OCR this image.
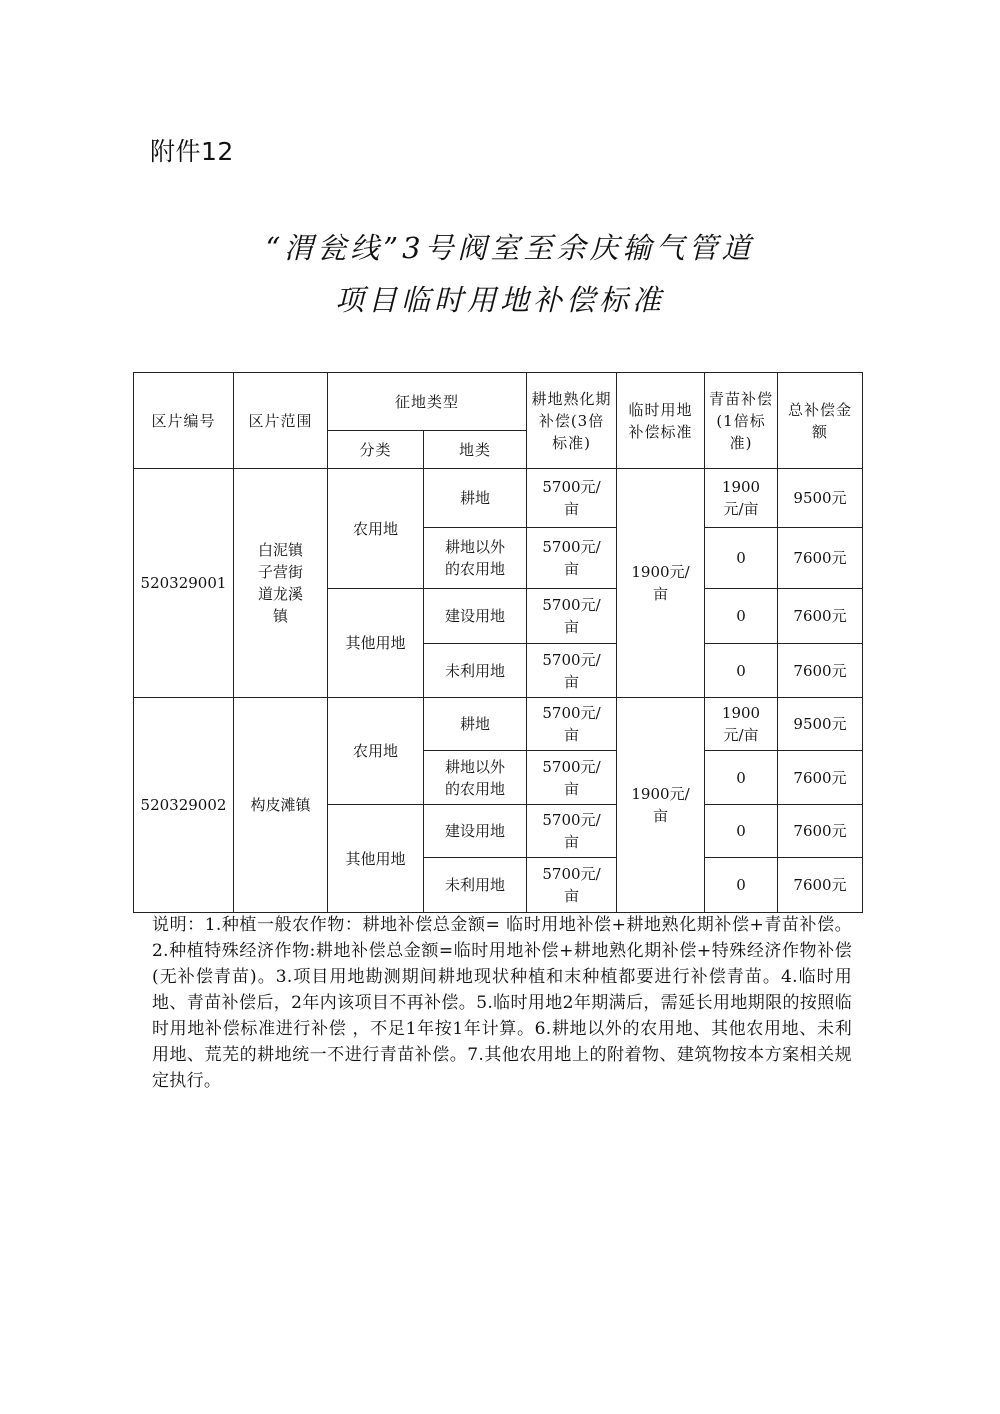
附件12
“渭瓮线”3号阀室至余庆输气管道
项目临时用地补偿标准
区片编号	区片范围	征地类型		耕地熟化期补偿(3倍标准)	临时用地补偿标准	青苗补偿(1倍标准)	总补偿金额
		分类	地类				
520329001	白泥镇子营街道龙溪镇	农用地	耕地	5700元/亩	1900元/亩	1900元/亩	9500元
			耕地以外的农用地	5700元/亩		0	7600元
		其他用地	建设用地	5700元/亩		0	7600元
			未利用地	5700元/亩		0	7600元
520329002	构皮滩镇	农用地	耕地	5700元/亩	1900元/亩	1900元/亩	9500元
			耕地以外的农用地	5700元/亩		0	7600元
		其他用地	建设用地	5700元/亩		0	7600元
			未利用地	5700元/亩		0	7600元
说明：1.种植一般农作物：耕地补偿总金额= 临时用地补偿+耕地熟化期补偿+青苗补偿。2.种植特殊经济作物:耕地补偿总金额=临时用地补偿+耕地熟化期补偿+特殊经济作物补偿(无补偿青苗)。3.项目用地勘测期间耕地现状种植和末种植都要进行补偿青苗。4.临时用地、青苗补偿后，2年内该项目不再补偿。5.临时用地2年期满后，需延长用地期限的按照临时用地补偿标准进行补偿 ，不足1年按1年计算。6.耕地以外的农用地、其他农用地、未利用地、荒芜的耕地统一不进行青苗补偿。7.其他农用地上的附着物、建筑物按本方案相关规定执行。
